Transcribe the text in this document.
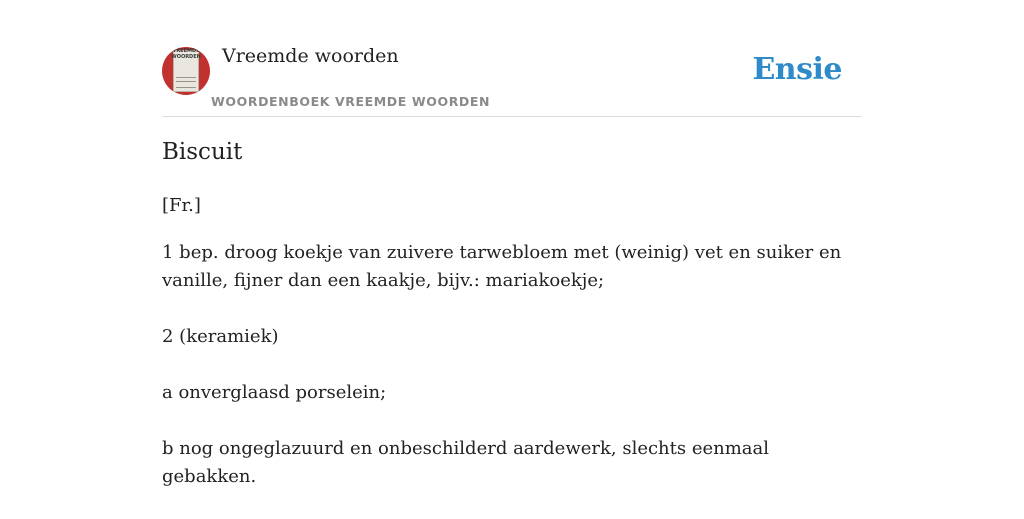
VREEMDE WOORDEN Vreemde woorden
WOORDENBOEK VREEMDE WOORDEN
Ensie
Biscuit
[Fr.]

1 bep. droog koekje van zuivere tarwebloem met (weinig) vet en suiker en vanille, fijner dan een kaakje, bijv.: mariakoekje;

2 (keramiek)

a onverglaasd porselein;

b nog ongeglazuurd en onbeschilderd aardewerk, slechts eenmaal gebakken.
